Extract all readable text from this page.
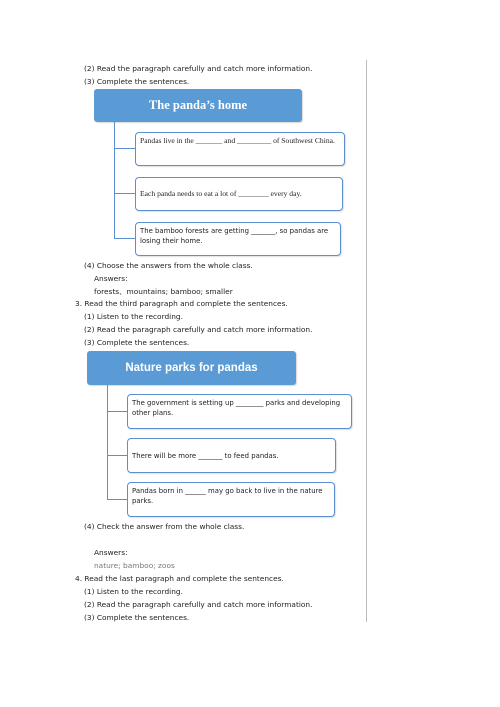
(2) Read the paragraph carefully and catch more information.
(3) Complete the sentences.
The panda’s home
Pandas live in the _______ and _________ of Southwest China.
Each panda needs to eat a lot of ________ every day.
The bamboo forests are getting _______, so pandas are losing their home.
(4) Choose the answers from the whole class.
Answers:
forests、mountains; bamboo; smaller
3. Read the third paragraph and complete the sentences.
(1) Listen to the recording.
(2) Read the paragraph carefully and catch more information.
(3) Complete the sentences.
Nature parks for pandas
The government is setting up ________ parks and developing other plans.
There will be more _______ to feed pandas.
Pandas born in ______ may go back to live in the nature parks.
(4) Check the answer from the whole class.
Answers:
nature; bamboo; zoos
4. Read the last paragraph and complete the sentences.
(1) Listen to the recording.
(2) Read the paragraph carefully and catch more information.
(3) Complete the sentences.
